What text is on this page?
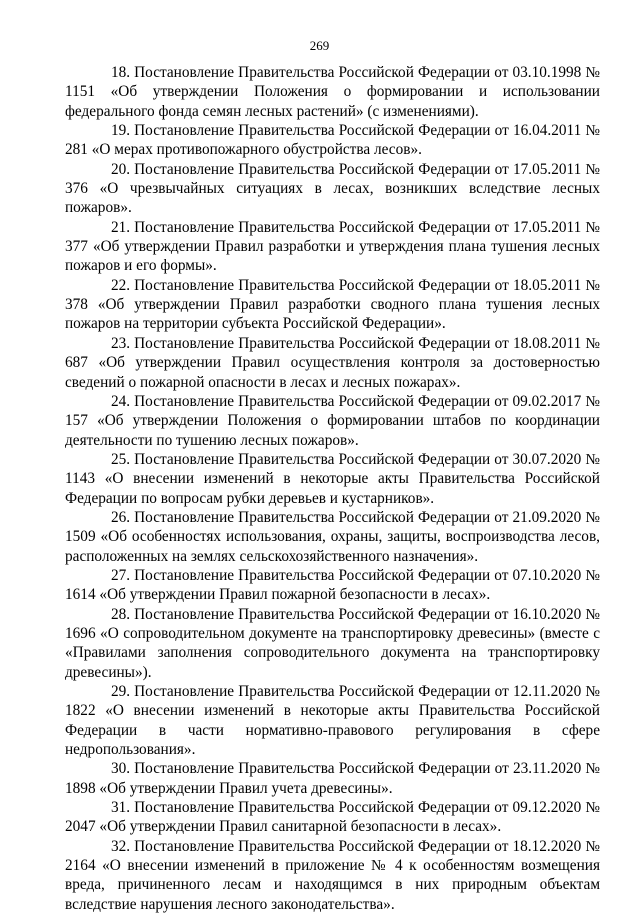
269

18. Постановление Правительства Российской Федерации от 03.10.1998 № 1151 «Об утверждении Положения о формировании и использовании федерального фонда семян лесных растений» (с изменениями).

19. Постановление Правительства Российской Федерации от 16.04.2011 № 281 «О мерах противопожарного обустройства лесов».

20. Постановление Правительства Российской Федерации от 17.05.2011 № 376 «О чрезвычайных ситуациях в лесах, возникших вследствие лесных пожаров».

21. Постановление Правительства Российской Федерации от 17.05.2011 № 377 «Об утверждении Правил разработки и утверждения плана тушения лесных пожаров и его формы».

22. Постановление Правительства Российской Федерации от 18.05.2011 № 378 «Об утверждении Правил разработки сводного плана тушения лесных пожаров на территории субъекта Российской Федерации».

23. Постановление Правительства Российской Федерации от 18.08.2011 № 687 «Об утверждении Правил осуществления контроля за достоверностью сведений о пожарной опасности в лесах и лесных пожарах».

24. Постановление Правительства Российской Федерации от 09.02.2017 № 157 «Об утверждении Положения о формировании штабов по координации деятельности по тушению лесных пожаров».

25. Постановление Правительства Российской Федерации от 30.07.2020 № 1143 «О внесении изменений в некоторые акты Правительства Российской Федерации по вопросам рубки деревьев и кустарников».

26. Постановление Правительства Российской Федерации от 21.09.2020 № 1509 «Об особенностях использования, охраны, защиты, воспроизводства лесов, расположенных на землях сельскохозяйственного назначения».

27. Постановление Правительства Российской Федерации от 07.10.2020 № 1614 «Об утверждении Правил пожарной безопасности в лесах».

28. Постановление Правительства Российской Федерации от 16.10.2020 № 1696 «О сопроводительном документе на транспортировку древесины» (вместе с «Правилами заполнения сопроводительного документа на транспортировку древесины»).

29. Постановление Правительства Российской Федерации от 12.11.2020 № 1822 «О внесении изменений в некоторые акты Правительства Российской Федерации в части нормативно-правового регулирования в сфере недропользования».

30. Постановление Правительства Российской Федерации от 23.11.2020 № 1898 «Об утверждении Правил учета древесины».

31. Постановление Правительства Российской Федерации от 09.12.2020 № 2047 «Об утверждении Правил санитарной безопасности в лесах».

32. Постановление Правительства Российской Федерации от 18.12.2020 № 2164 «О внесении изменений в приложение № 4 к особенностям возмещения вреда, причиненного лесам и находящимся в них природным объектам вследствие нарушения лесного законодательства».
